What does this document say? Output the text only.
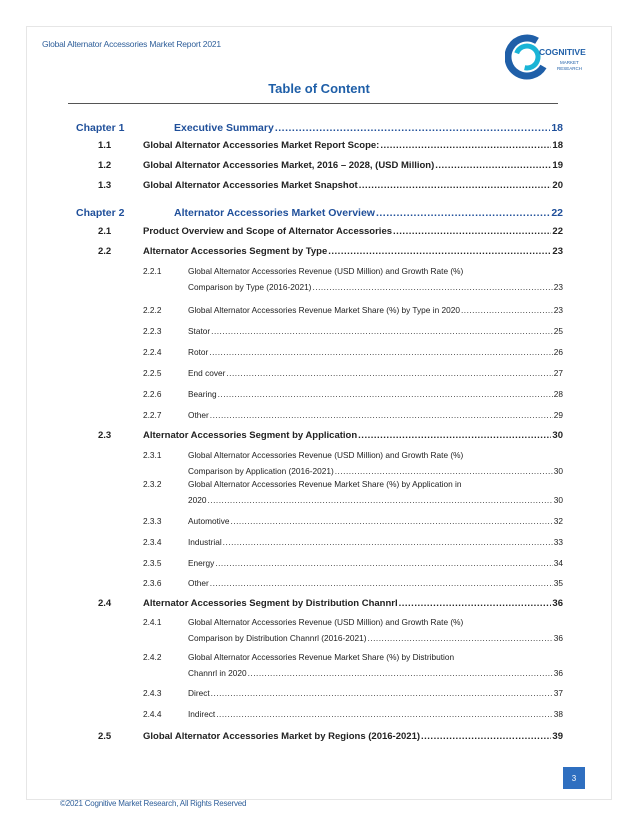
Global Alternator Accessories Market Report 2021
COGNITIVE
MARKET
RESEARCH
Table of Content
Chapter 1	Executive Summary .....	18
1.1	Global Alternator Accessories Market Report Scope: .....	18
1.2	Global Alternator Accessories Market, 2016 – 2028, (USD Million) .....	19
1.3	Global Alternator Accessories Market Snapshot .....	20
Chapter 2	Alternator Accessories Market Overview .....	22
2.1	Product Overview and Scope of Alternator Accessories .....	22
2.2	Alternator Accessories Segment by Type .....	23
2.2.1	Global Alternator Accessories Revenue (USD Million) and Growth Rate (%)
Comparison by Type (2016-2021) .....	23
2.2.2	Global Alternator Accessories Revenue Market Share (%) by Type in 2020 .....	23
2.2.3	Stator .....	25
2.2.4	Rotor .....	26
2.2.5	End cover .....	27
2.2.6	Bearing .....	28
2.2.7	Other .....	29
2.3	Alternator Accessories Segment by Application .....	30
2.3.1	Global Alternator Accessories Revenue (USD Million) and Growth Rate (%)
Comparison by Application (2016-2021) .....	30
2.3.2	Global Alternator Accessories Revenue Market Share (%) by Application in
2020 .....	30
2.3.3	Automotive .....	32
2.3.4	Industrial .....	33
2.3.5	Energy .....	34
2.3.6	Other .....	35
2.4	Alternator Accessories Segment by Distribution Channrl .....	36
2.4.1	Global Alternator Accessories Revenue (USD Million) and Growth Rate (%)
Comparison by Distribution Channrl (2016-2021) .....	36
2.4.2	Global Alternator Accessories Revenue Market Share (%) by Distribution
Channrl in 2020 .....	36
2.4.3	Direct .....	37
2.4.4	Indirect .....	38
2.5	Global Alternator Accessories Market by Regions (2016-2021) .....	39
3
©2021 Cognitive Market Research, All Rights Reserved
